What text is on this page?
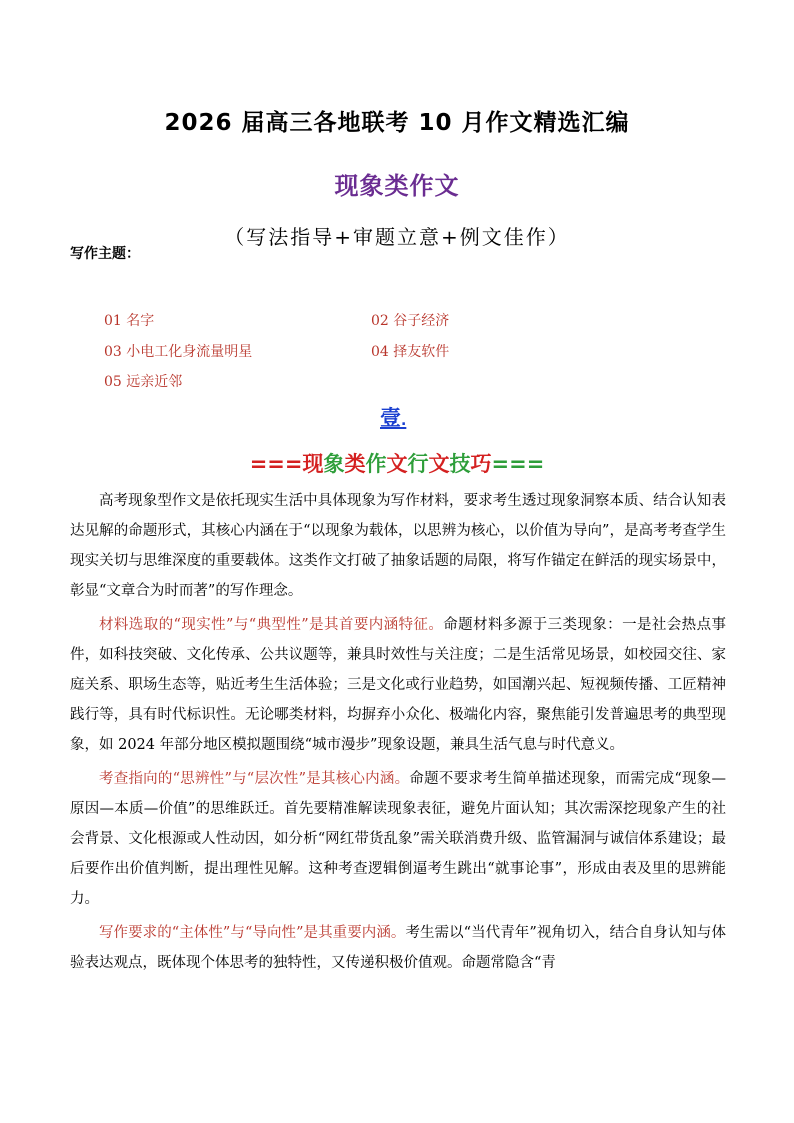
2026 届高三各地联考 10 月作文精选汇编
现象类作文
（写法指导+审题立意+例文佳作）
写作主题：
01 名字	02 谷子经济
03 小电工化身流量明星	04 择友软件
05 远亲近邻
壹.
===现象类作文行文技巧===

高考现象型作文是依托现实生活中具体现象为写作材料，要求考生透过现象洞察本质、结合认知表达见解的命题形式，其核心内涵在于“以现象为载体，以思辨为核心，以价值为导向”，是高考考查学生现实关切与思维深度的重要载体。这类作文打破了抽象话题的局限，将写作锚定在鲜活的现实场景中，彰显“文章合为时而著”的写作理念。

材料选取的“现实性”与“典型性”是其首要内涵特征。命题材料多源于三类现象：一是社会热点事件，如科技突破、文化传承、公共议题等，兼具时效性与关注度；二是生活常见场景，如校园交往、家庭关系、职场生态等，贴近考生生活体验；三是文化或行业趋势，如国潮兴起、短视频传播、工匠精神践行等，具有时代标识性。无论哪类材料，均摒弃小众化、极端化内容，聚焦能引发普遍思考的典型现象，如 2024 年部分地区模拟题围绕“城市漫步”现象设题，兼具生活气息与时代意义。

考查指向的“思辨性”与“层次性”是其核心内涵。命题不要求考生简单描述现象，而需完成“现象—原因—本质—价值”的思维跃迁。首先要精准解读现象表征，避免片面认知；其次需深挖现象产生的社会背景、文化根源或人性动因，如分析“网红带货乱象”需关联消费升级、监管漏洞与诚信体系建设；最后要作出价值判断，提出理性见解。这种考查逻辑倒逼考生跳出“就事论事”，形成由表及里的思辨能力。

写作要求的“主体性”与“导向性”是其重要内涵。考生需以“当代青年”视角切入，结合自身认知与体验表达观点，既体现个体思考的独特性，又传递积极价值观。命题常隐含“青
